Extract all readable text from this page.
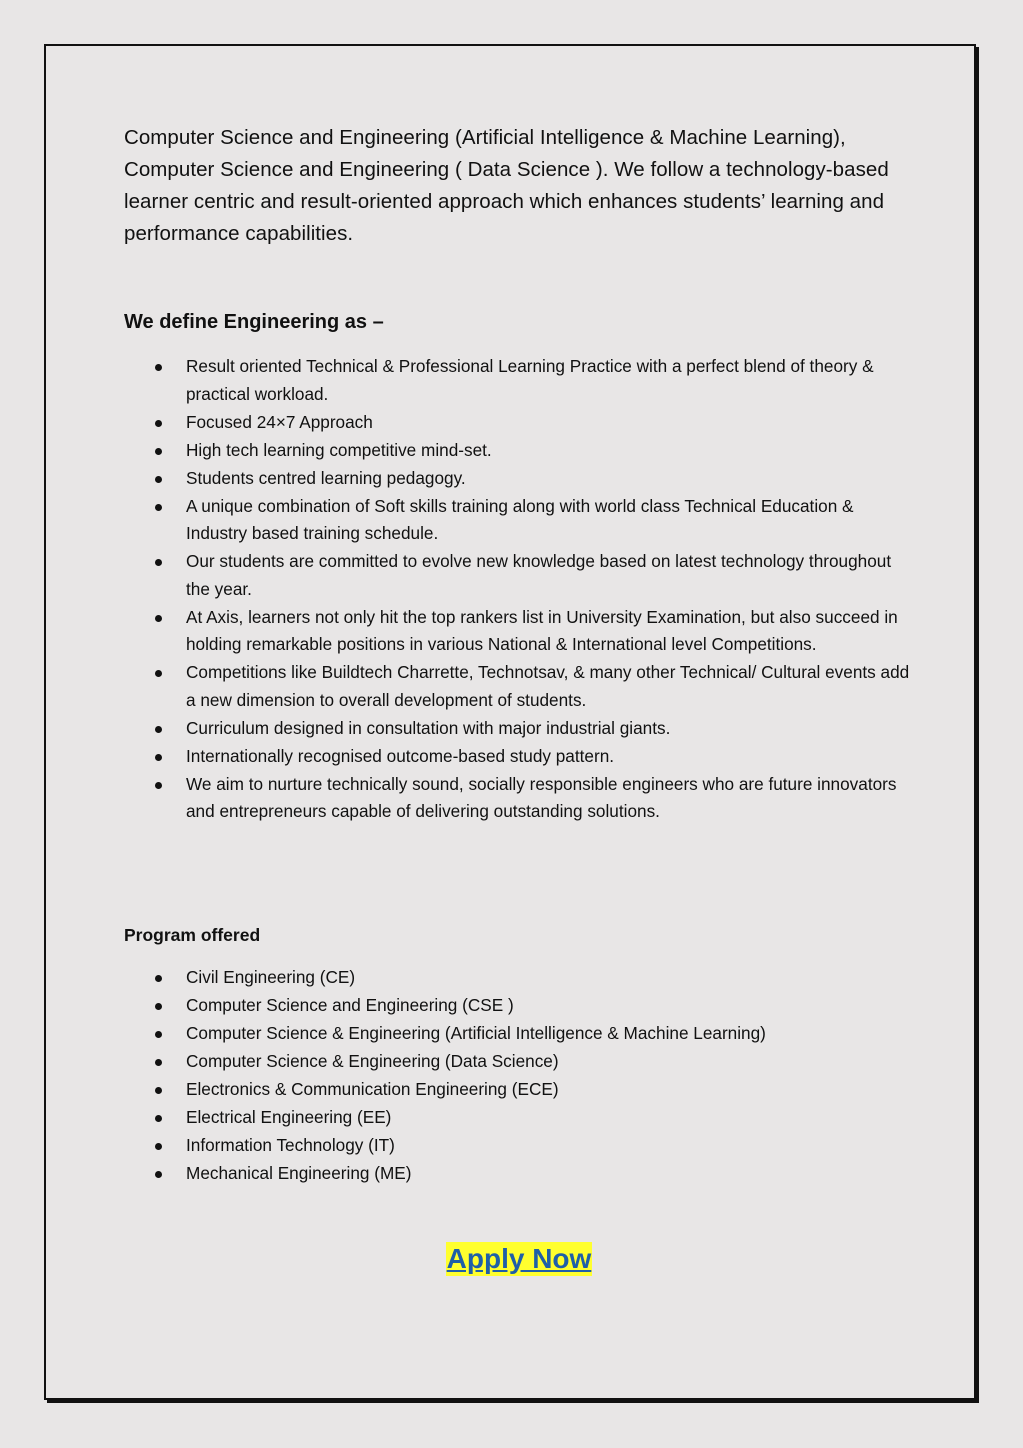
Computer Science and Engineering (Artificial Intelligence & Machine Learning), Computer Science and Engineering ( Data Science ). We follow a technology-based learner centric and result-oriented approach which enhances students’ learning and performance capabilities.

We define Engineering as –
Result oriented Technical & Professional Learning Practice with a perfect blend of theory & practical workload.
Focused 24×7 Approach
High tech learning competitive mind-set.
Students centred learning pedagogy.
A unique combination of Soft skills training along with world class Technical Education & Industry based training schedule.
Our students are committed to evolve new knowledge based on latest technology throughout the year.
At Axis, learners not only hit the top rankers list in University Examination, but also succeed in holding remarkable positions in various National & International level Competitions.
Competitions like Buildtech Charrette, Technotsav, & many other Technical/ Cultural events add a new dimension to overall development of students.
Curriculum designed in consultation with major industrial giants.
Internationally recognised outcome-based study pattern.
We aim to nurture technically sound, socially responsible engineers who are future innovators and entrepreneurs capable of delivering outstanding solutions.
Program offered
Civil Engineering (CE)
Computer Science and Engineering (CSE )
Computer Science & Engineering (Artificial Intelligence & Machine Learning)
Computer Science & Engineering (Data Science)
Electronics & Communication Engineering (ECE)
Electrical Engineering (EE)
Information Technology (IT)
Mechanical Engineering (ME)
Apply Now
